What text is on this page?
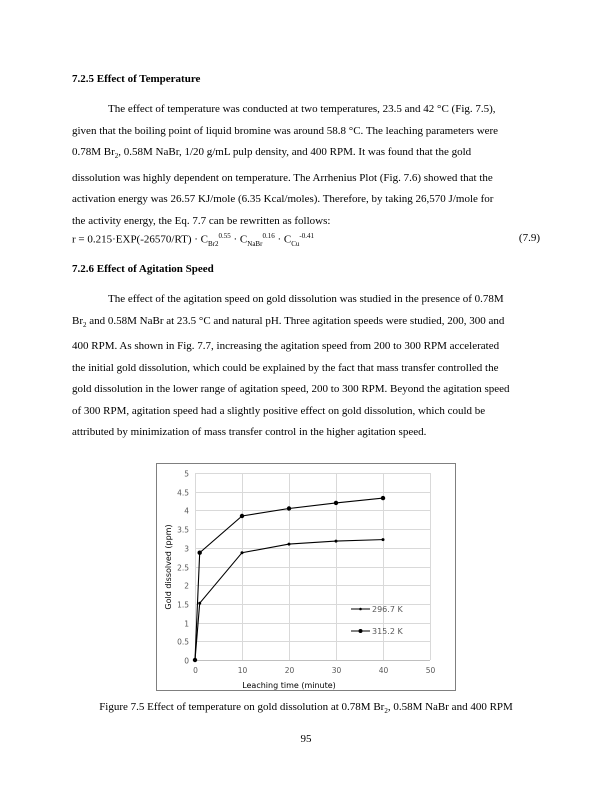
7.2.5 Effect of Temperature
The effect of temperature was conducted at two temperatures, 23.5 and 42 °C (Fig. 7.5),
given that the boiling point of liquid bromine was around 58.8 °C. The leaching parameters were
0.78M $Br_2$, 0.58M NaBr, 1/20 g/mL pulp density, and 400 RPM. It was found that the gold
dissolution was highly dependent on temperature. The Arrhenius Plot (Fig. 7.6) showed that the
activation energy was 26.57 KJ/mole (6.35 Kcal/moles). Therefore, by taking 26,570 J/mole for
the activity energy, the Eq. 7.7 can be rewritten as follows:
$r = 0.215\cdot EXP(-26570/RT) \cdot C_{Br2}^{0.55} \cdot C_{NaBr}^{0.16} \cdot C_{Cu}^{-0.41}$	(7.9)
7.2.6 Effect of Agitation Speed
The effect of the agitation speed on gold dissolution was studied in the presence of 0.78M
$Br_2$ and 0.58M NaBr at 23.5 °C and natural pH. Three agitation speeds were studied, 200, 300 and
400 RPM. As shown in Fig. 7.7, increasing the agitation speed from 200 to 300 RPM accelerated
the initial gold dissolution, which could be explained by the fact that mass transfer controlled the
gold dissolution in the lower range of agitation speed, 200 to 300 RPM. Beyond the agitation speed
of 300 RPM, agitation speed had a slightly positive effect on gold dissolution, which could be
attributed by minimization of mass transfer control in the higher agitation speed.
0
0.5
1
1.5
2
2.5
3
3.5
4
4.5
5
0	10	20	30	40	50
296.7 K
315.2 K
Leaching time (minute)
Gold dissolved (ppm)
Figure 7.5 Effect of temperature on gold dissolution at 0.78M $Br_2$, 0.58M NaBr and 400 RPM
95
